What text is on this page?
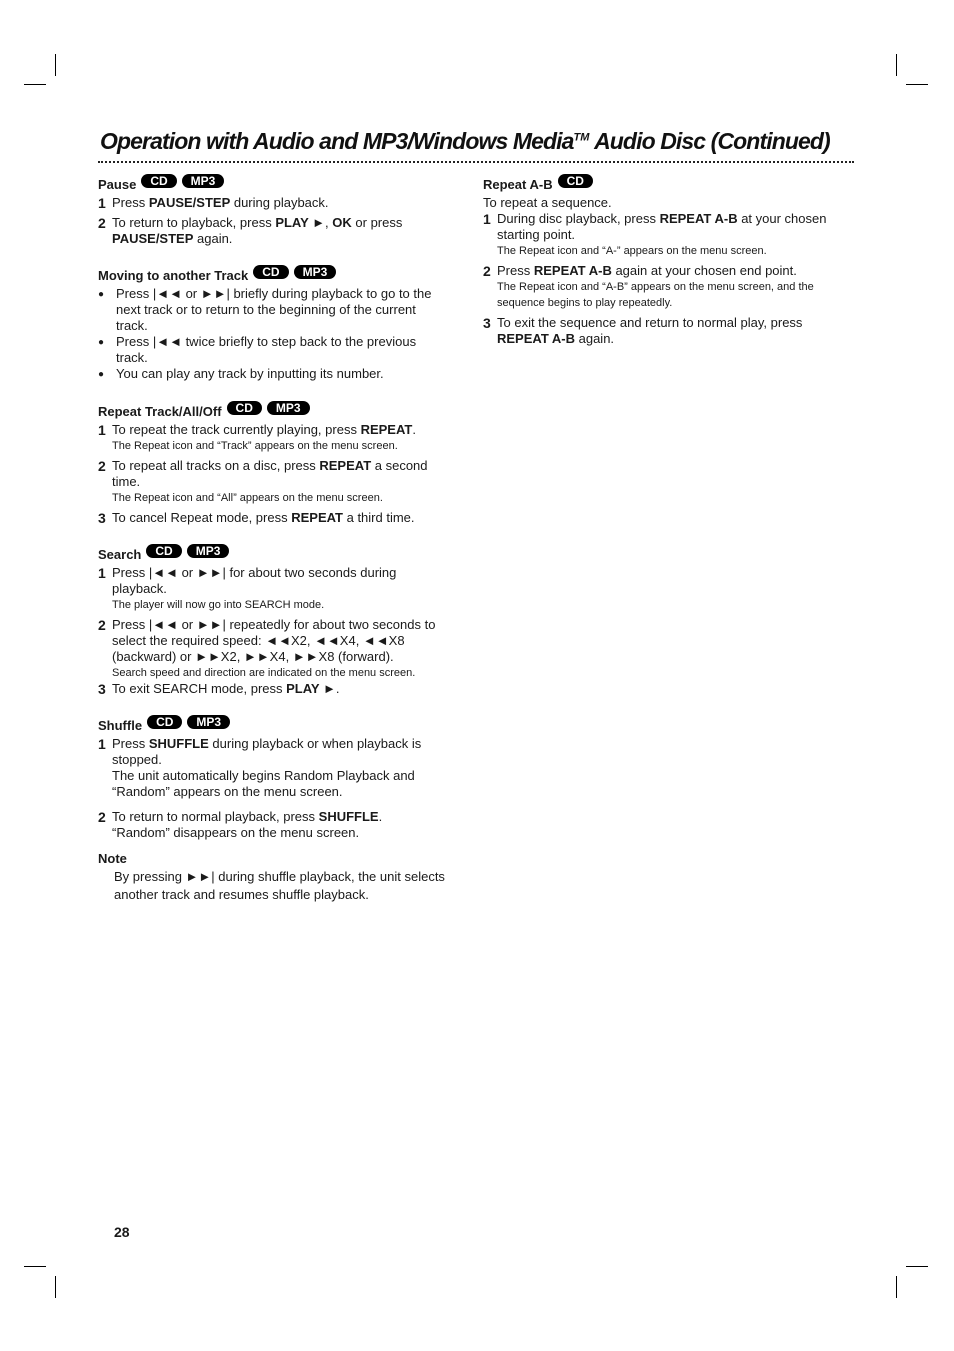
Operation with Audio and MP3/Windows Media™ Audio Disc (Continued)
Pause	CD	MP3
1 Press PAUSE/STEP during playback.
2 To return to playback, press PLAY ►, OK or press PAUSE/STEP again.
Moving to another Track	CD	MP3
● Press |◄◄ or ►►| briefly during playback to go to the next track or to return to the beginning of the current track.
● Press |◄◄ twice briefly to step back to the previous track.
● You can play any track by inputting its number.
Repeat Track/All/Off	CD	MP3
1 To repeat the track currently playing, press REPEAT.
The Repeat icon and “Track” appears on the menu screen.
2 To repeat all tracks on a disc, press REPEAT a second time.
The Repeat icon and “All” appears on the menu screen.
3 To cancel Repeat mode, press REPEAT a third time.
Search	CD	MP3
1 Press |◄◄ or ►►| for about two seconds during playback.
The player will now go into SEARCH mode.
2 Press |◄◄ or ►►| repeatedly for about two seconds to select the required speed: ◄◄X2, ◄◄X4, ◄◄X8 (backward) or ►►X2, ►►X4, ►►X8 (forward).
Search speed and direction are indicated on the menu screen.
3 To exit SEARCH mode, press PLAY ►.
Shuffle	CD	MP3
1 Press SHUFFLE during playback or when playback is stopped.
The unit automatically begins Random Playback and “Random” appears on the menu screen.
2 To return to normal playback, press SHUFFLE.
“Random” disappears on the menu screen.
Note
By pressing ►►| during shuffle playback, the unit selects another track and resumes shuffle playback.
Repeat A-B	CD

To repeat a sequence.

1 During disc playback, press REPEAT A-B at your chosen starting point.
The Repeat icon and “A-” appears on the menu screen.
2 Press REPEAT A-B again at your chosen end point.
The Repeat icon and “A-B” appears on the menu screen, and the sequence begins to play repeatedly.
3 To exit the sequence and return to normal play, press REPEAT A-B again.
28
